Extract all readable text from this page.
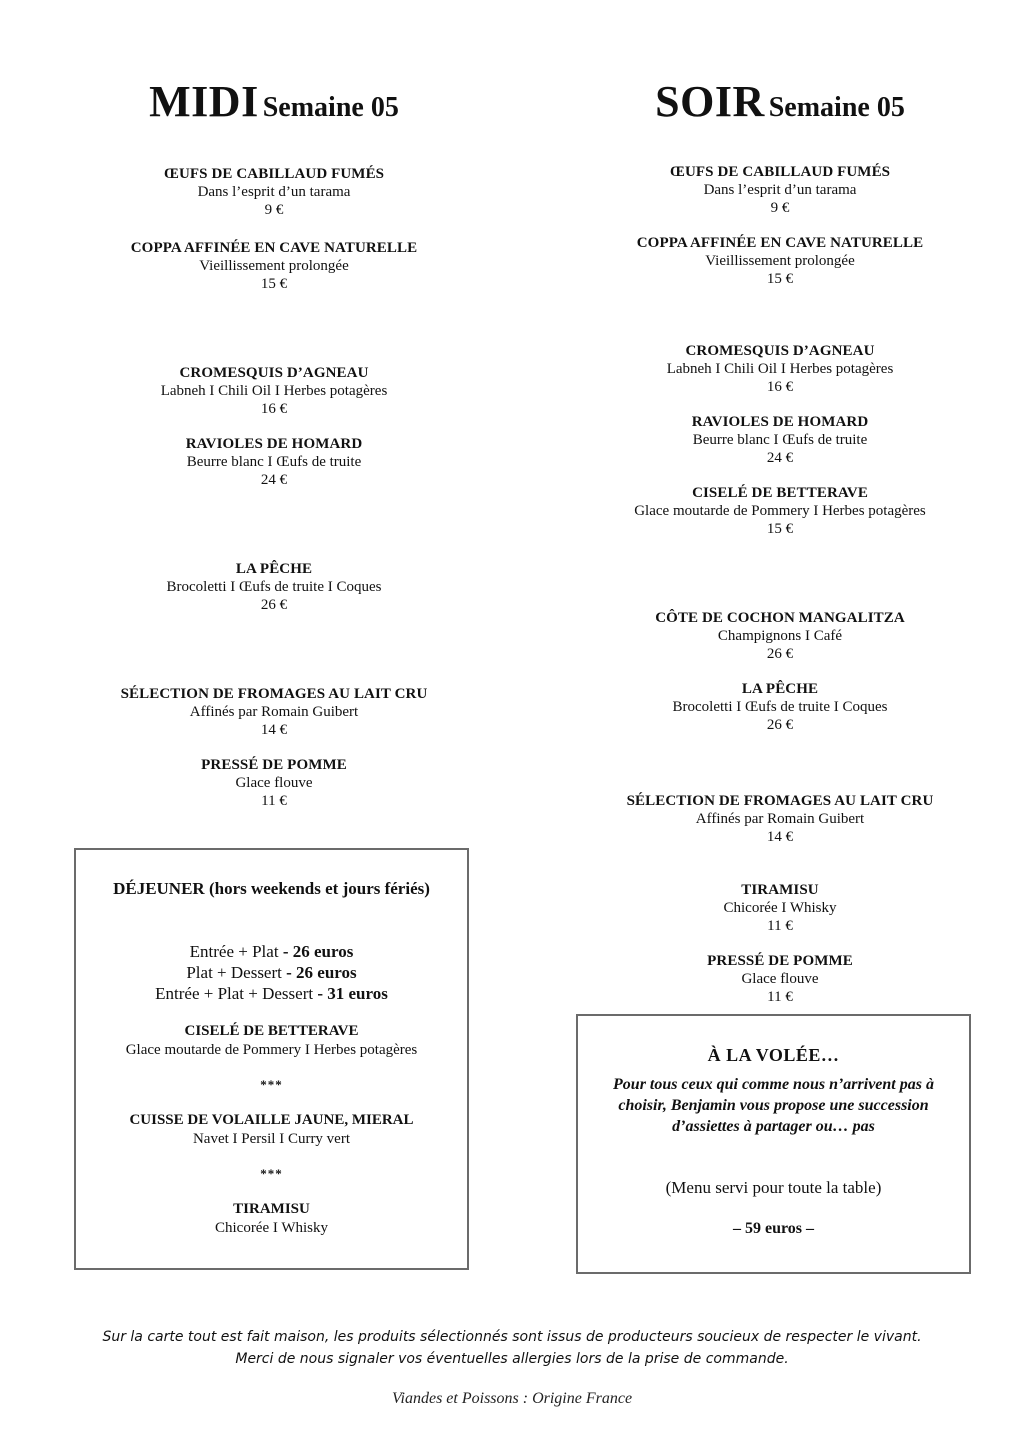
MIDI Semaine 05
ŒUFS DE CABILLAUD FUMÉS
Dans l’esprit d’un tarama
9 €
COPPA AFFINÉE EN CAVE NATURELLE
Vieillissement prolongée
15 €
CROMESQUIS D’AGNEAU
Labneh I Chili Oil I Herbes potagères
16 €
RAVIOLES DE HOMARD
Beurre blanc I Œufs de truite
24 €
LA PÊCHE
Brocoletti I Œufs de truite I Coques
26 €
SÉLECTION DE FROMAGES AU LAIT CRU
Affinés par Romain Guibert
14 €
PRESSÉ DE POMME
Glace flouve
11 €
DÉJEUNER (hors weekends et jours fériés)
Entrée + Plat - 26 euros
Plat + Dessert - 26 euros
Entrée + Plat + Dessert - 31 euros
CISELÉ DE BETTERAVE
Glace moutarde de Pommery I Herbes potagères
***
CUISSE DE VOLAILLE JAUNE, MIERAL
Navet I Persil I Curry vert
***
TIRAMISU
Chicorée I Whisky
SOIR Semaine 05
ŒUFS DE CABILLAUD FUMÉS
Dans l’esprit d’un tarama
9 €
COPPA AFFINÉE EN CAVE NATURELLE
Vieillissement prolongée
15 €
CROMESQUIS D’AGNEAU
Labneh I Chili Oil I Herbes potagères
16 €
RAVIOLES DE HOMARD
Beurre blanc I Œufs de truite
24 €
CISELÉ DE BETTERAVE
Glace moutarde de Pommery I Herbes potagères
15 €
CÔTE DE COCHON MANGALITZA
Champignons I Café
26 €
LA PÊCHE
Brocoletti I Œufs de truite I Coques
26 €
SÉLECTION DE FROMAGES AU LAIT CRU
Affinés par Romain Guibert
14 €
TIRAMISU
Chicorée I Whisky
11 €
PRESSÉ DE POMME
Glace flouve
11 €
À LA VOLÉE…
Pour tous ceux qui comme nous n’arrivent pas à choisir, Benjamin vous propose une succession d’assiettes à partager ou… pas
(Menu servi pour toute la table)
– 59 euros –
Sur la carte tout est fait maison, les produits sélectionnés sont issus de producteurs soucieux de respecter le vivant.
Merci de nous signaler vos éventuelles allergies lors de la prise de commande.
Viandes et Poissons : Origine France
